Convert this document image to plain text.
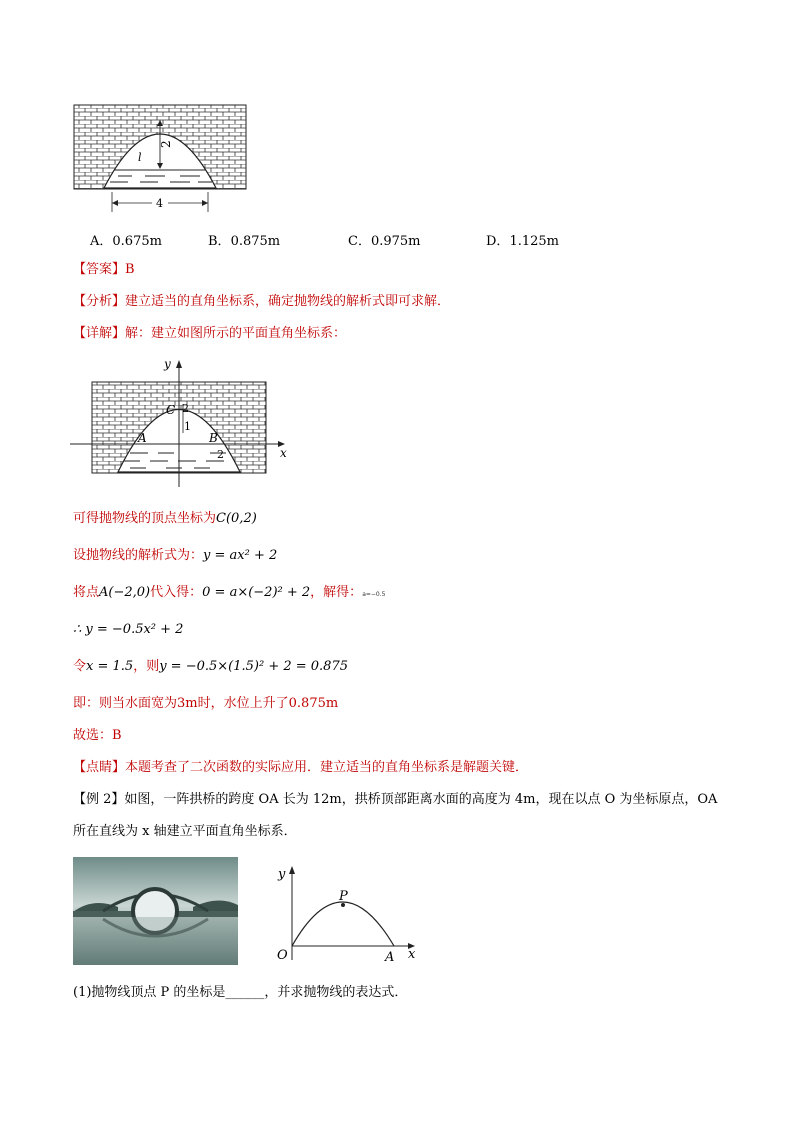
2
l
4
A．0.675m	B．0.875m	C．0.975m	D．1.125m
【答案】B
【分析】建立适当的直角坐标系，确定抛物线的解析式即可求解．
【详解】解：建立如图所示的平面直角坐标系：
y
x
C 2
1
A	B
2
可得抛物线的顶点坐标为C(0,2)
设抛物线的解析式为：y = ax² + 2
将点A(−2,0)代入得：0 = a×(−2)² + 2，解得：a=−0.5
∴ y = −0.5x² + 2
令x = 1.5，则y = −0.5×(1.5)² + 2 = 0.875
即：则当水面宽为3m时，水位上升了0.875m
故选：B
【点睛】本题考查了二次函数的实际应用．建立适当的直角坐标系是解题关键．
【例 2】如图，一阵拱桥的跨度 OA 长为 12m，拱桥顶部距离水面的高度为 4m，现在以点 O 为坐标原点，OA
所在直线为 x 轴建立平面直角坐标系．
y
x
P
O	A
(1)抛物线顶点 P 的坐标是______，并求抛物线的表达式．
